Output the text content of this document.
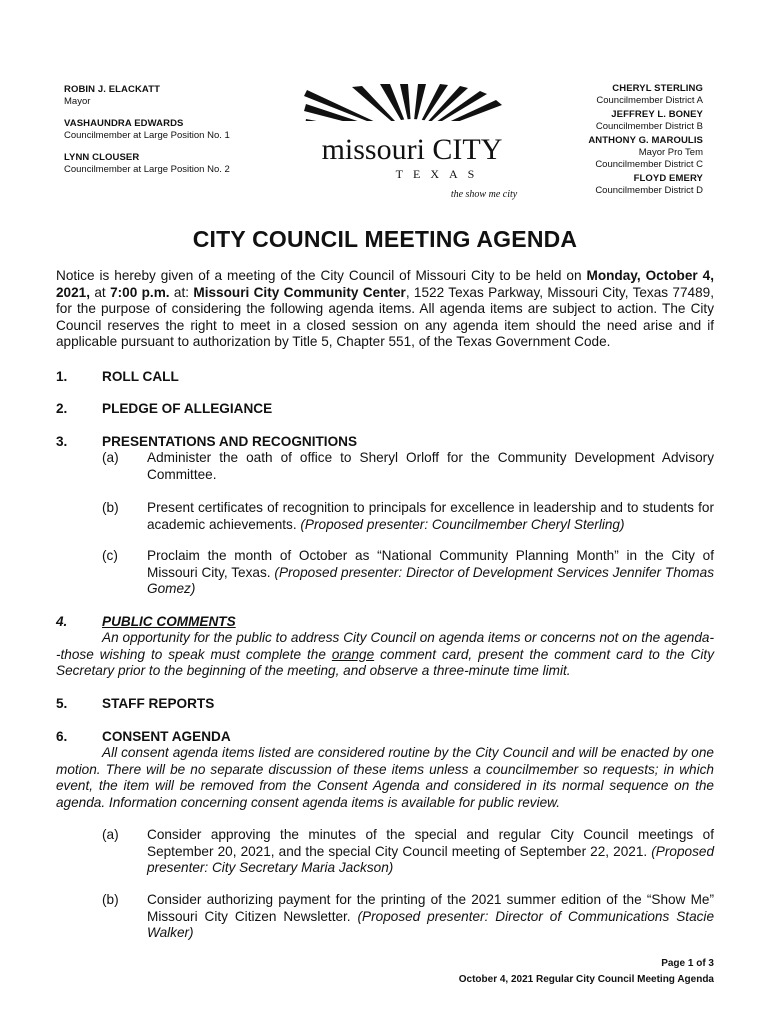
ROBIN J. ELACKATT
Mayor
VASHAUNDRA EDWARDS
Councilmember at Large Position No. 1
LYNN CLOUSER
Councilmember at Large Position No. 2
CHERYL STERLING
Councilmember District A
JEFFREY L. BONEY
Councilmember District B
ANTHONY G. MAROULIS
Mayor Pro Tem
Councilmember District C
FLOYD EMERY
Councilmember District D
missouri CITY
TEXAS
the show me city
CITY COUNCIL MEETING AGENDA
Notice is hereby given of a meeting of the City Council of Missouri City to be held on Monday, October 4, 2021, at 7:00 p.m. at: Missouri City Community Center, 1522 Texas Parkway, Missouri City, Texas 77489, for the purpose of considering the following agenda items. All agenda items are subject to action. The City Council reserves the right to meet in a closed session on any agenda item should the need arise and if applicable pursuant to authorization by Title 5, Chapter 551, of the Texas Government Code.
1.	ROLL CALL
2.	PLEDGE OF ALLEGIANCE
3.	PRESENTATIONS AND RECOGNITIONS
(a) Administer the oath of office to Sheryl Orloff for the Community Development Advisory Committee.
(b) Present certificates of recognition to principals for excellence in leadership and to students for academic achievements. (Proposed presenter: Councilmember Cheryl Sterling)
(c) Proclaim the month of October as “National Community Planning Month” in the City of Missouri City, Texas. (Proposed presenter: Director of Development Services Jennifer Thomas Gomez)
4.	PUBLIC COMMENTS
An opportunity for the public to address City Council on agenda items or concerns not on the agenda--those wishing to speak must complete the orange comment card, present the comment card to the City Secretary prior to the beginning of the meeting, and observe a three-minute time limit.
5.	STAFF REPORTS
6.	CONSENT AGENDA
All consent agenda items listed are considered routine by the City Council and will be enacted by one motion. There will be no separate discussion of these items unless a councilmember so requests; in which event, the item will be removed from the Consent Agenda and considered in its normal sequence on the agenda. Information concerning consent agenda items is available for public review.
(a) Consider approving the minutes of the special and regular City Council meetings of September 20, 2021, and the special City Council meeting of September 22, 2021. (Proposed presenter: City Secretary Maria Jackson)
(b) Consider authorizing payment for the printing of the 2021 summer edition of the “Show Me” Missouri City Citizen Newsletter. (Proposed presenter: Director of Communications Stacie Walker)
Page 1 of 3
October 4, 2021 Regular City Council Meeting Agenda
